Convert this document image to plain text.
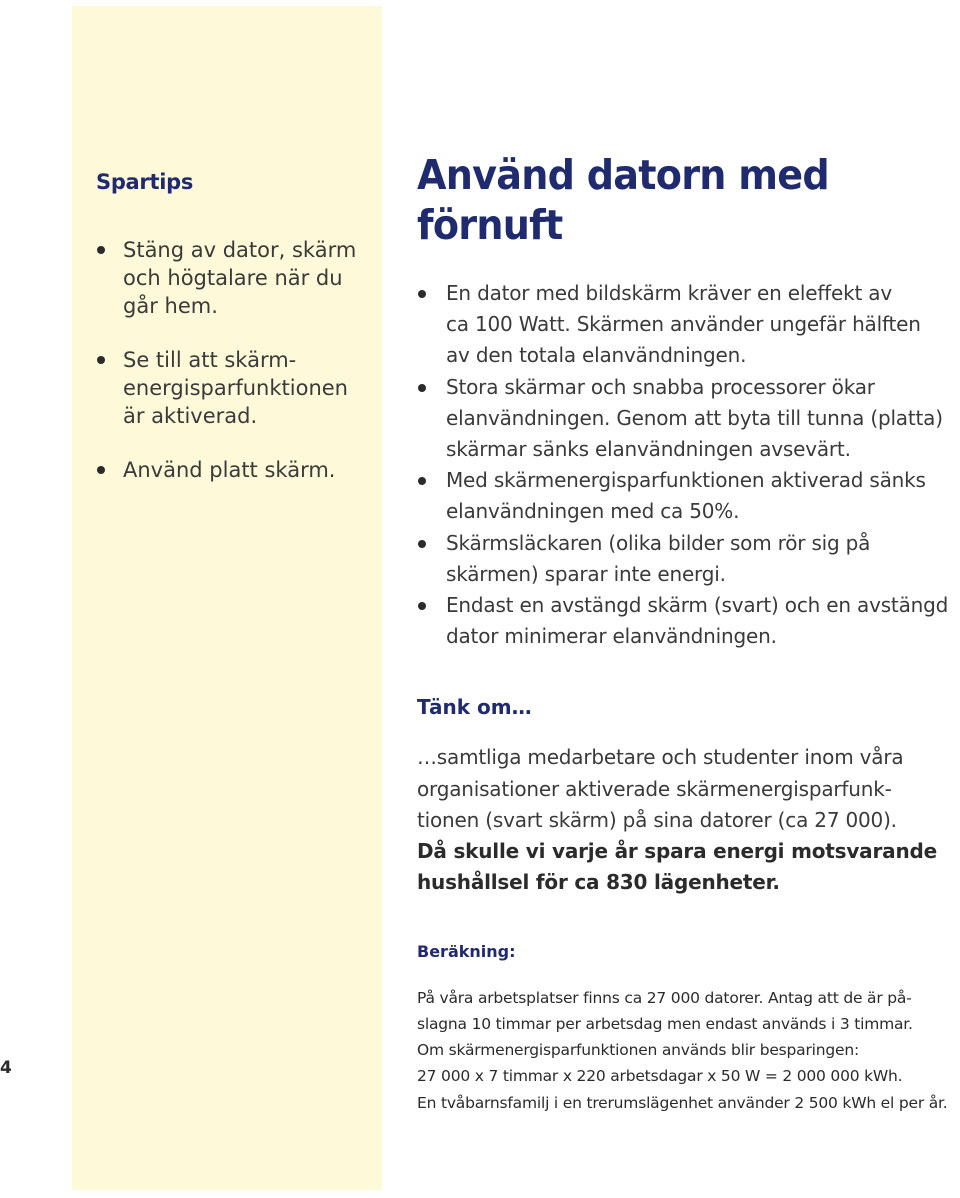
Spartips
Stäng av dator, skärm
och högtalare när du
går hem.
Se till att skärm-
energisparfunktionen
är aktiverad.
Använd platt skärm.
Använd datorn med förnuft
En dator med bildskärm kräver en eleffekt av
ca 100 Watt. Skärmen använder ungefär hälften
av den totala elanvändningen.
Stora skärmar och snabba processorer ökar
elanvändningen. Genom att byta till tunna (platta)
skärmar sänks elanvändningen avsevärt.
Med skärmenergisparfunktionen aktiverad sänks
elanvändningen med ca 50%.
Skärmsläckaren (olika bilder som rör sig på
skärmen) sparar inte energi.
Endast en avstängd skärm (svart) och en avstängd
dator minimerar elanvändningen.
Tänk om…
…samtliga medarbetare och studenter inom våra
organisationer aktiverade skärmenergisparfunk-
tionen (svart skärm) på sina datorer (ca 27 000).
Då skulle vi varje år spara energi motsvarande
hushållsel för ca 830 lägenheter.
Beräkning:
På våra arbetsplatser finns ca 27 000 datorer. Antag att de är på-
slagna 10 timmar per arbetsdag men endast används i 3 timmar.
Om skärmenergisparfunktionen används blir besparingen:
27 000 x 7 timmar x 220 arbetsdagar x 50 W = 2 000 000 kWh.
En tvåbarnsfamilj i en trerumslägenhet använder 2 500 kWh el per år.
4
